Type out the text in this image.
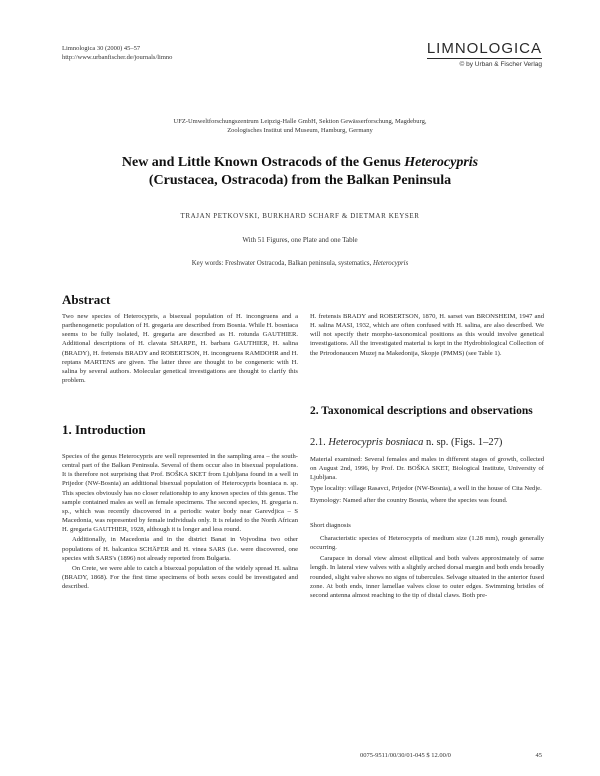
Limnologica 30 (2000) 45–57
http://www.urbanfischer.de/journals/limno
LIMNOLOGICA
© by Urban & Fischer Verlag
UFZ-Umweltforschungszentrum Leipzig-Halle GmbH, Sektion Gewässerforschung, Magdeburg,
Zoologisches Institut und Museum, Hamburg, Germany
New and Little Known Ostracods of the Genus Heterocypris
(Crustacea, Ostracoda) from the Balkan Peninsula
TRAJAN PETKOVSKI, BURKHARD SCHARF & DIETMAR KEYSER
With 51 Figures, one Plate and one Table
Key words: Freshwater Ostracoda, Balkan peninsula, systematics, Heterocypris
Abstract
Two new species of Heterocypris, a bisexual population of H. incongruens and a parthenogenetic population of H. gregaria are described from Bosnia. While H. bosniaca seems to be fully isolated, H. gregaria are described as H. rotunda GAUTHIER. Additional descriptions of H. clavata SHARPE, H. barbara GAUTHIER, H. salina (BRADY), H. fretensis BRADY and ROBERTSON, H. incongruens RAMDOHR and H. reptans MARTENS are given. The latter three are thought to be congeneric with H. salina by several authors. Molecular genetical investigations are thought to clarify this problem.
H. fretensis BRADY and ROBERTSON, 1870, H. sarsei van BRONSHEIM, 1947 and H. salina MASI, 1932, which are often confused with H. salina, are also described. We will not specify their morpho-taxonomical positions as this would involve genetical investigations. All the investigated material is kept in the Hydrobiological Collection of the Prirodonaucen Muzej na Makedonija, Skopje (PMMS) (see Table 1).
1. Introduction
Species of the genus Heterocypris are well represented in the sampling area – the south-central part of the Balkan Peninsula. Several of them occur also in bisexual populations. It is therefore not surprising that Prof. BOŠKA SKET from Ljubljana found in a well in Prijedor (NW-Bosnia) an additional bisexual population of Heterocypris bosniaca n. sp. This species obviously has no closer relationship to any known species of this genus. The sample contained males as well as female specimens. The second species, H. gregaria n. sp., which was recently discovered in a periodic water body near Garevdjica – S Macedonia, was represented by female individuals only. It is related to the North African H. gregaria GAUTHIER, 1928, although it is longer and less round.
Additionally, in Macedonia and in the district Banat in Vojvodina two other populations of H. balcanica SCHÄFER and H. vinea SARS (i.e. were discovered, one species with SARS's (1896) not already reported from Bulgaria.
On Crete, we were able to catch a bisexual population of the widely spread H. salina (BRADY, 1868). For the first time specimens of both sexes could be investigated and described.
2. Taxonomical descriptions and observations
2.1. Heterocypris bosniaca n. sp. (Figs. 1–27)
Material examined: Several females and males in different stages of growth, collected on August 2nd, 1996, by Prof. Dr. BOŠKA SKET, Biological Institute, University of Ljubljana.
Type locality: village Rasavci, Prijedor (NW-Bosnia), a well in the house of Cita Nedje.
Etymology: Named after the country Bosnia, where the species was found.
Short diagnosis
Characteristic species of Heterocypris of medium size (1.28 mm), rough generally occurring.
Carapace in dorsal view almost elliptical and both valves approximately of same length. In lateral view valves with a slightly arched dorsal margin and both ends broadly rounded, slight valve shows no signs of tubercules. Selvage situated in the anterior fused zone. At both ends, inner lamellae valves close to outer edges. Swimming bristles of second antenna almost reaching to the tip of distal claws. Both pre-
0075-9511/00/30/01-045 $ 12.00/0	45
